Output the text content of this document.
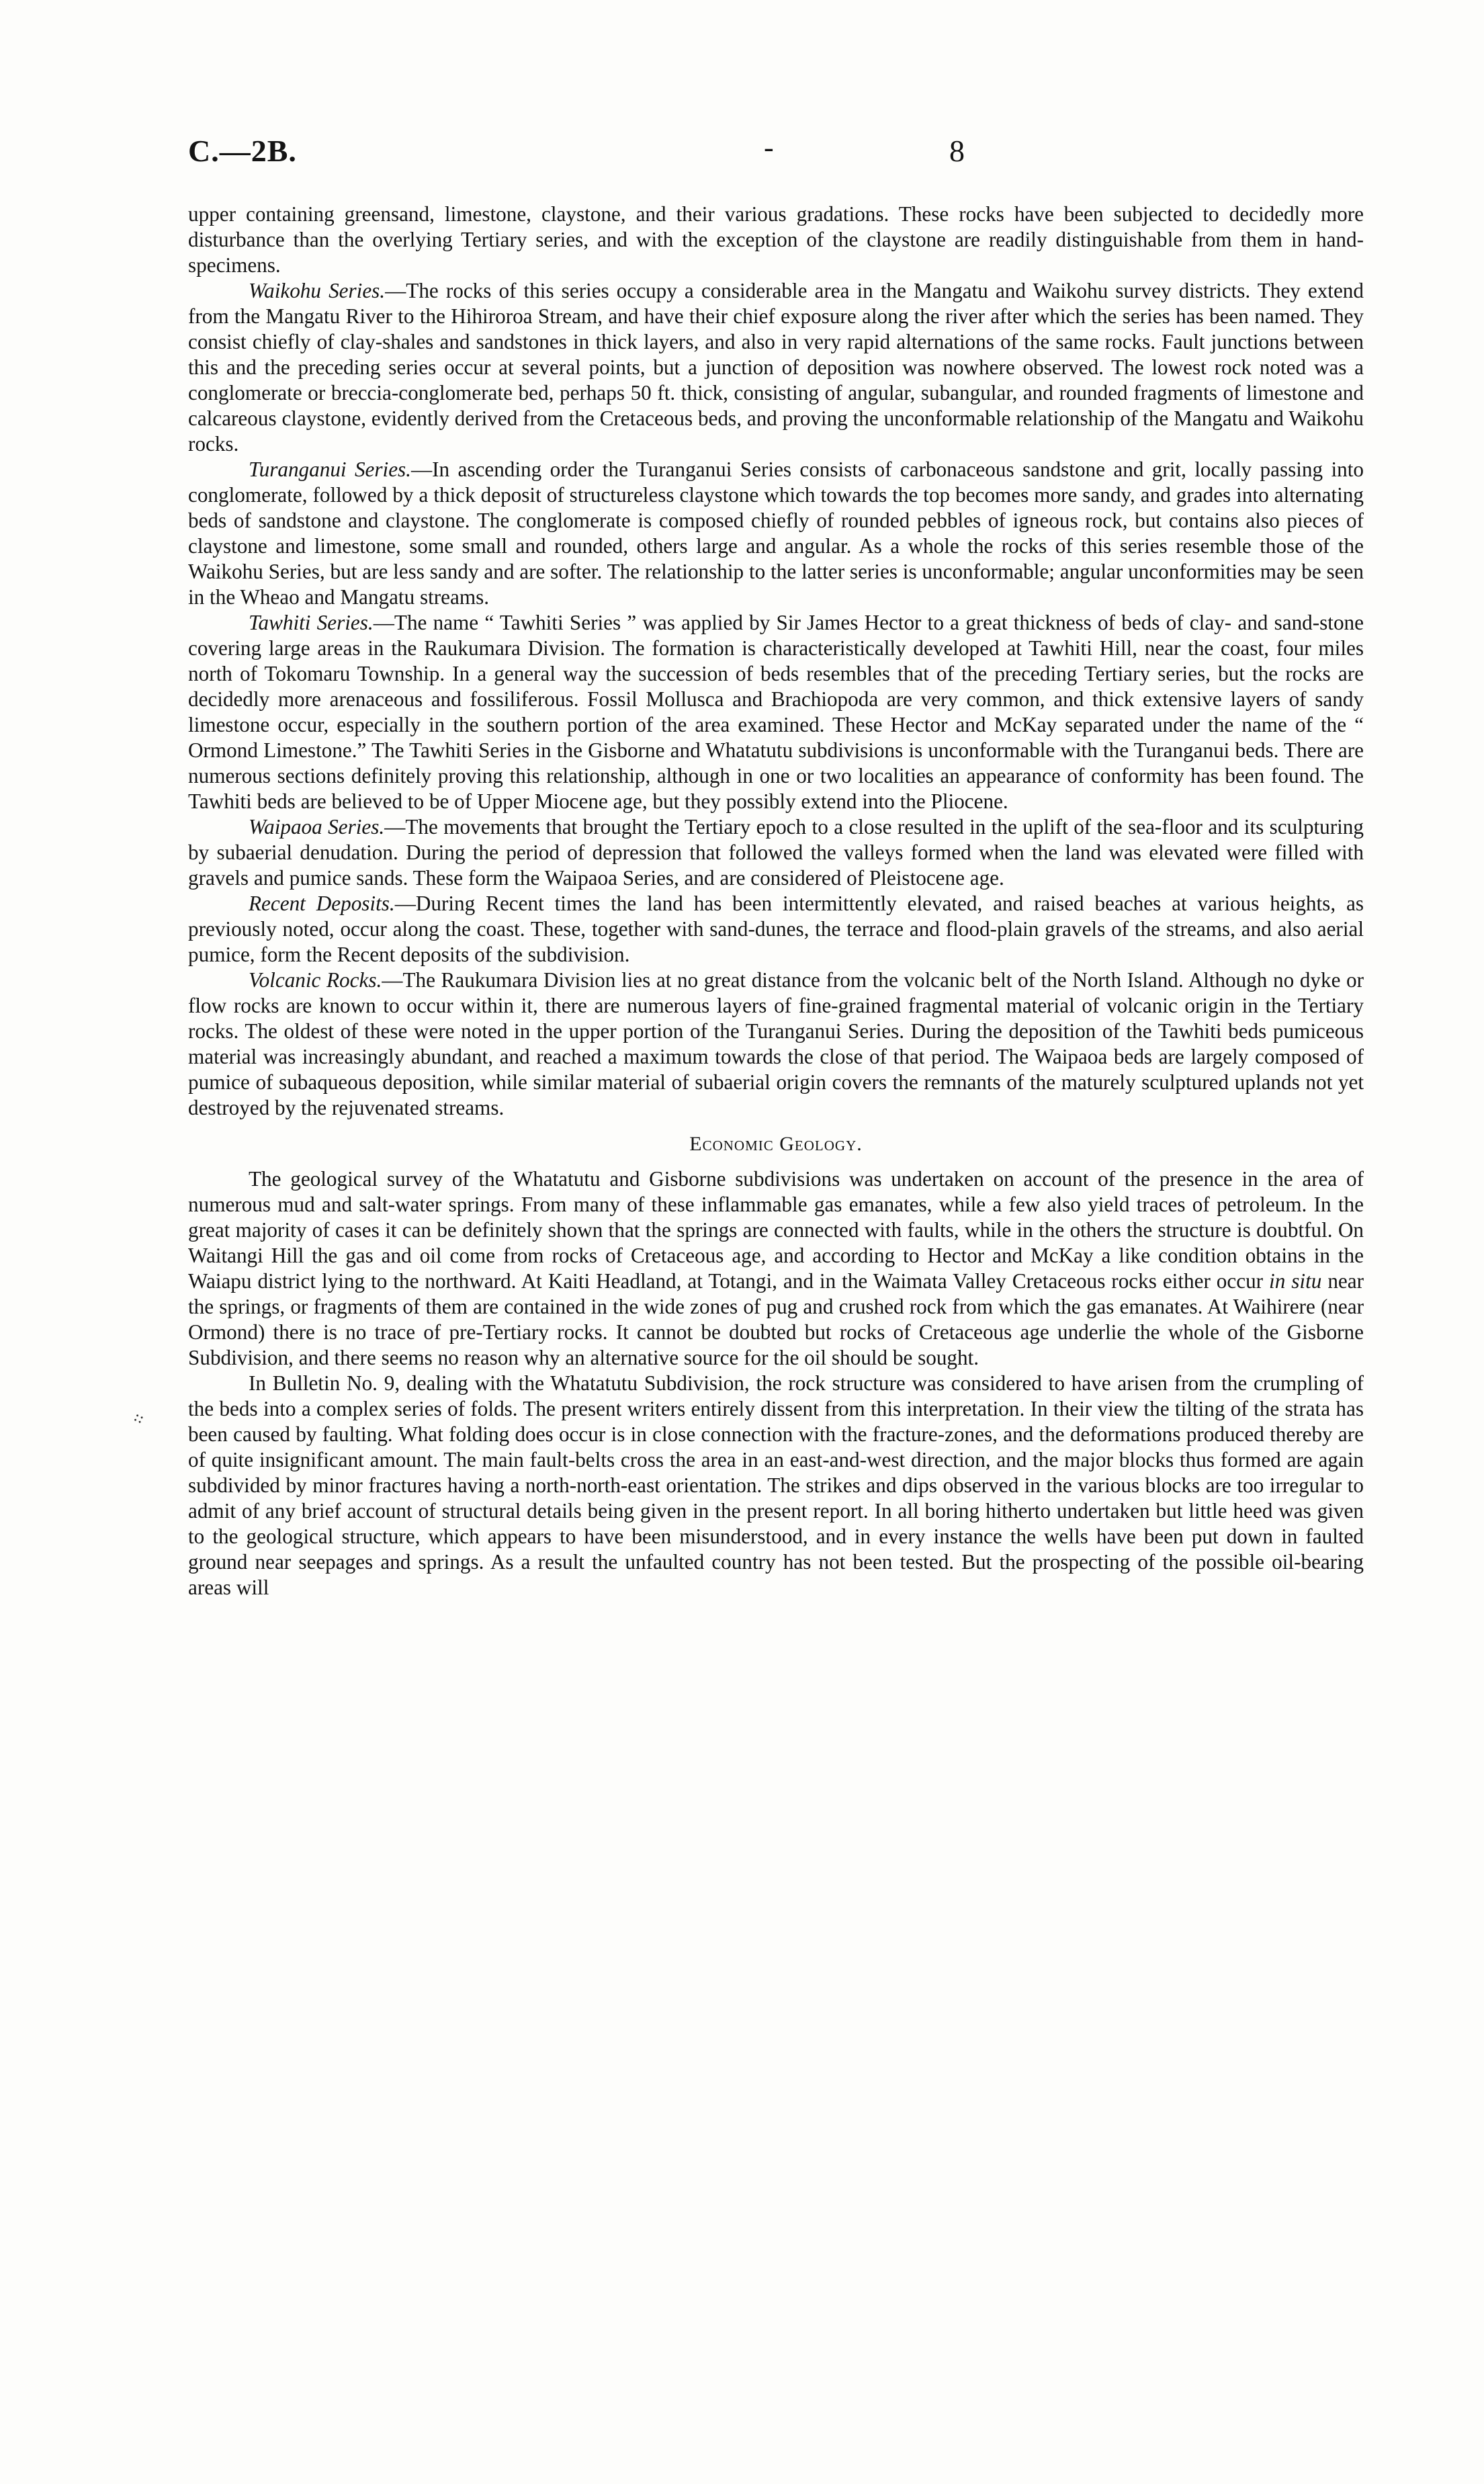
C.—2B.	-	8
⁘

upper containing greensand, limestone, claystone, and their various gradations. These rocks have been subjected to decidedly more disturbance than the overlying Tertiary series, and with the exception of the claystone are readily distinguishable from them in hand-specimens.

Waikohu Series.—The rocks of this series occupy a considerable area in the Mangatu and Waikohu survey districts. They extend from the Mangatu River to the Hihiroroa Stream, and have their chief exposure along the river after which the series has been named. They consist chiefly of clay-shales and sandstones in thick layers, and also in very rapid alternations of the same rocks. Fault junctions between this and the preceding series occur at several points, but a junction of deposition was nowhere observed. The lowest rock noted was a conglomerate or breccia-conglomerate bed, perhaps 50 ft. thick, consisting of angular, subangular, and rounded fragments of limestone and calcareous claystone, evidently derived from the Cretaceous beds, and proving the unconformable relationship of the Mangatu and Waikohu rocks.

Turanganui Series.—In ascending order the Turanganui Series consists of carbonaceous sandstone and grit, locally passing into conglomerate, followed by a thick deposit of structureless claystone which towards the top becomes more sandy, and grades into alternating beds of sandstone and claystone. The conglomerate is composed chiefly of rounded pebbles of igneous rock, but contains also pieces of claystone and limestone, some small and rounded, others large and angular. As a whole the rocks of this series resemble those of the Waikohu Series, but are less sandy and are softer. The relationship to the latter series is unconformable; angular unconformities may be seen in the Wheao and Mangatu streams.

Tawhiti Series.—The name “ Tawhiti Series ” was applied by Sir James Hector to a great thickness of beds of clay- and sand-stone covering large areas in the Raukumara Division. The formation is characteristically developed at Tawhiti Hill, near the coast, four miles north of Tokomaru Township. In a general way the succession of beds resembles that of the preceding Tertiary series, but the rocks are decidedly more arenaceous and fossiliferous. Fossil Mollusca and Brachiopoda are very common, and thick extensive layers of sandy limestone occur, especially in the southern portion of the area examined. These Hector and McKay separated under the name of the “ Ormond Limestone.” The Tawhiti Series in the Gisborne and Whatatutu subdivisions is unconformable with the Turanganui beds. There are numerous sections definitely proving this relationship, although in one or two localities an appearance of conformity has been found. The Tawhiti beds are believed to be of Upper Miocene age, but they possibly extend into the Pliocene.

Waipaoa Series.—The movements that brought the Tertiary epoch to a close resulted in the uplift of the sea-floor and its sculpturing by subaerial denudation. During the period of depression that followed the valleys formed when the land was elevated were filled with gravels and pumice sands. These form the Waipaoa Series, and are considered of Pleistocene age.

Recent Deposits.—During Recent times the land has been intermittently elevated, and raised beaches at various heights, as previously noted, occur along the coast. These, together with sand-dunes, the terrace and flood-plain gravels of the streams, and also aerial pumice, form the Recent deposits of the subdivision.

Volcanic Rocks.—The Raukumara Division lies at no great distance from the volcanic belt of the North Island. Although no dyke or flow rocks are known to occur within it, there are numerous layers of fine-grained fragmental material of volcanic origin in the Tertiary rocks. The oldest of these were noted in the upper portion of the Turanganui Series. During the deposition of the Tawhiti beds pumiceous material was increasingly abundant, and reached a maximum towards the close of that period. The Waipaoa beds are largely composed of pumice of subaqueous deposition, while similar material of subaerial origin covers the remnants of the maturely sculptured uplands not yet destroyed by the rejuvenated streams.

Economic Geology.

The geological survey of the Whatatutu and Gisborne subdivisions was undertaken on account of the presence in the area of numerous mud and salt-water springs. From many of these inflammable gas emanates, while a few also yield traces of petroleum. In the great majority of cases it can be definitely shown that the springs are connected with faults, while in the others the structure is doubtful. On Waitangi Hill the gas and oil come from rocks of Cretaceous age, and according to Hector and McKay a like condition obtains in the Waiapu district lying to the northward. At Kaiti Headland, at Totangi, and in the Waimata Valley Cretaceous rocks either occur in situ near the springs, or fragments of them are contained in the wide zones of pug and crushed rock from which the gas emanates. At Waihirere (near Ormond) there is no trace of pre-Tertiary rocks. It cannot be doubted but rocks of Cretaceous age underlie the whole of the Gisborne Subdivision, and there seems no reason why an alternative source for the oil should be sought.

In Bulletin No. 9, dealing with the Whatatutu Subdivision, the rock structure was considered to have arisen from the crumpling of the beds into a complex series of folds. The present writers entirely dissent from this interpretation. In their view the tilting of the strata has been caused by faulting. What folding does occur is in close connection with the fracture-zones, and the deformations produced thereby are of quite insignificant amount. The main fault-belts cross the area in an east-and-west direction, and the major blocks thus formed are again subdivided by minor fractures having a north-north-east orientation. The strikes and dips observed in the various blocks are too irregular to admit of any brief account of structural details being given in the present report. In all boring hitherto undertaken but little heed was given to the geological structure, which appears to have been misunderstood, and in every instance the wells have been put down in faulted ground near seepages and springs. As a result the unfaulted country has not been tested. But the prospecting of the possible oil-bearing areas will
